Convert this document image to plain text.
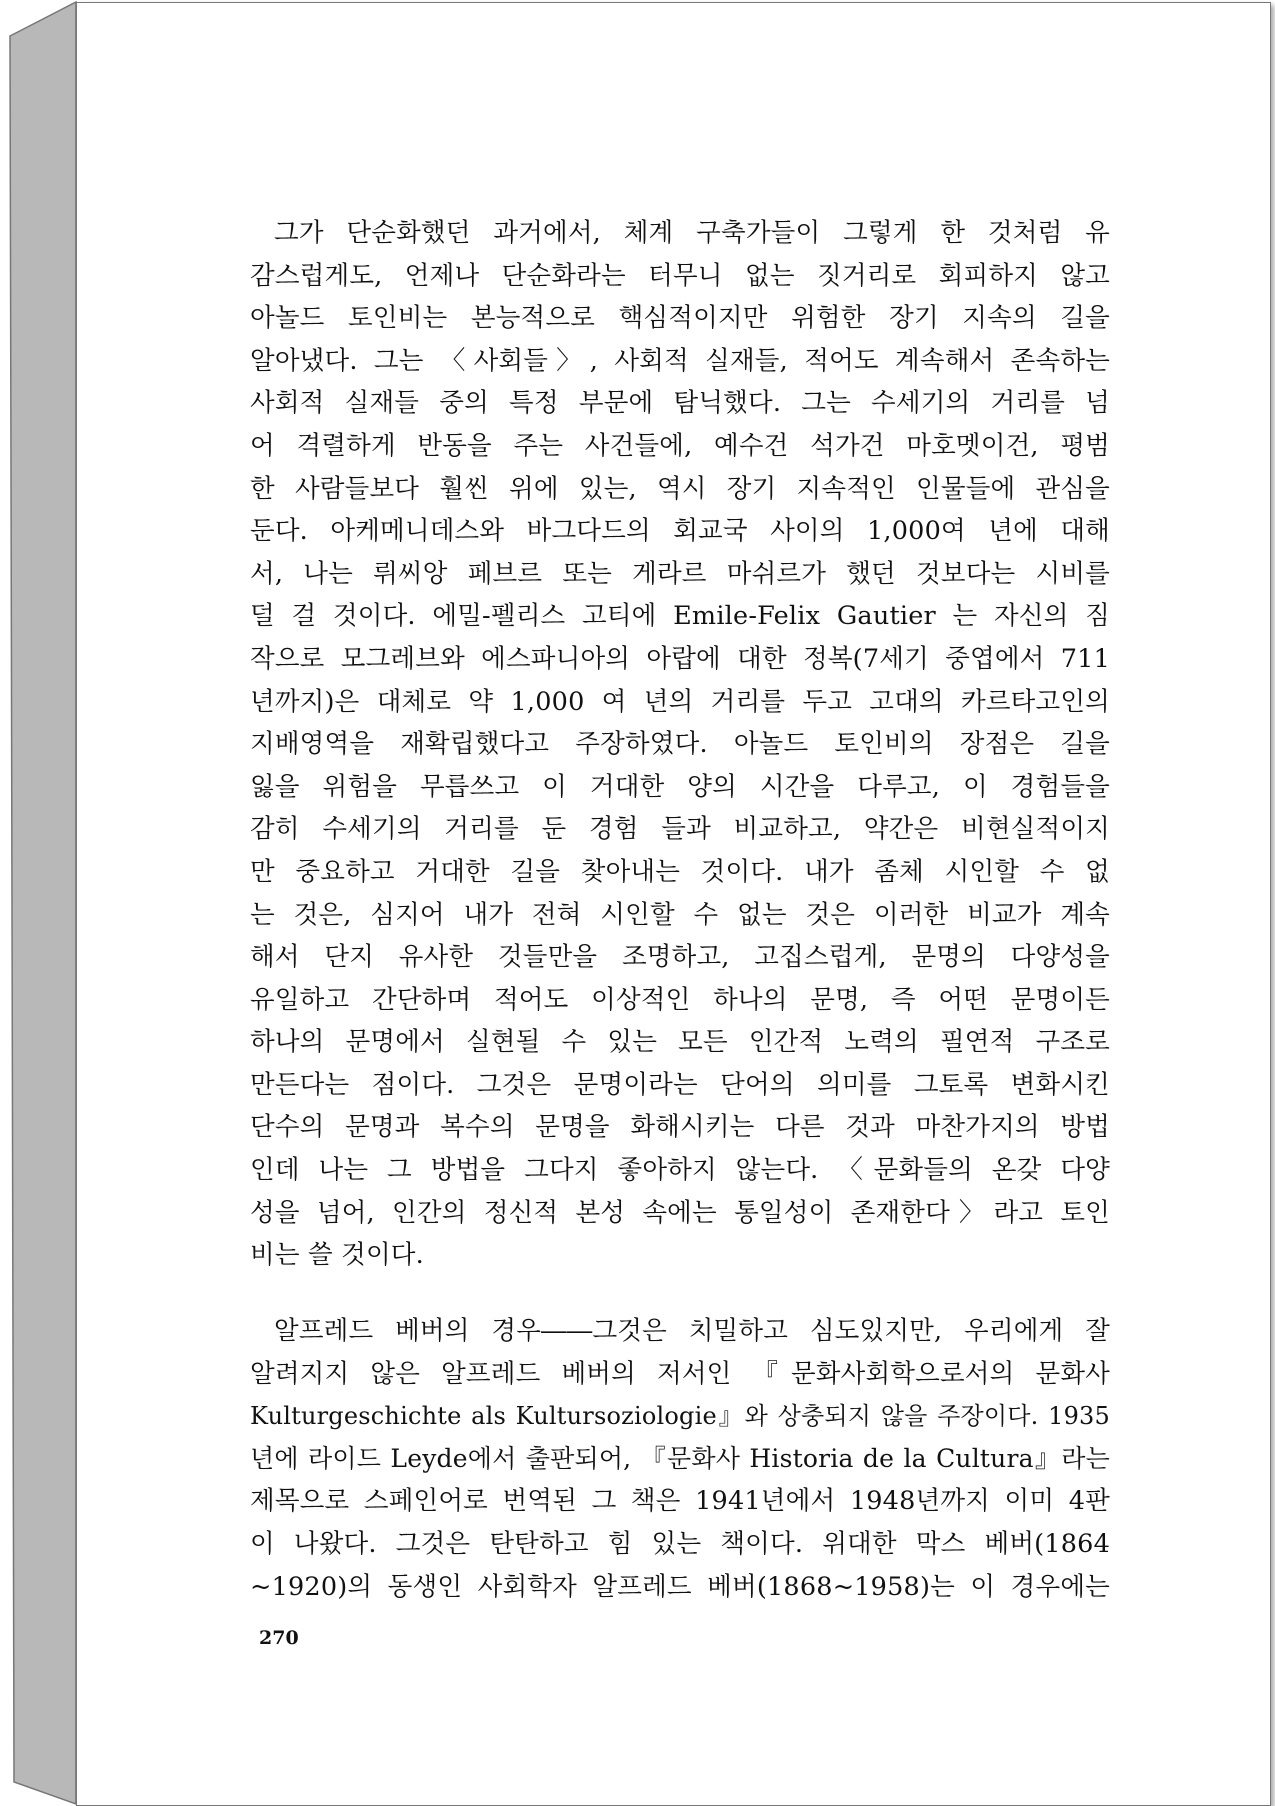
그가 단순화했던 과거에서, 체계 구축가들이 그렇게 한 것처럼 유
감스럽게도, 언제나 단순화라는 터무니 없는 짓거리로 회피하지 않고
아놀드 토인비는 본능적으로 핵심적이지만 위험한 장기 지속의 길을
알아냈다. 그는 〈사회들〉, 사회적 실재들, 적어도 계속해서 존속하는
사회적 실재들 중의 특정 부문에 탐닉했다. 그는 수세기의 거리를 넘
어 격렬하게 반동을 주는 사건들에, 예수건 석가건 마호멧이건, 평범
한 사람들보다 훨씬 위에 있는, 역시 장기 지속적인 인물들에 관심을
둔다. 아케메니데스와 바그다드의 회교국 사이의 1,000여 년에 대해
서, 나는 뤼씨앙 페브르 또는 게라르 마쉬르가 했던 것보다는 시비를
덜 걸 것이다. 에밀-펠리스 고티에 Emile-Felix Gautier 는 자신의 짐
작으로 모그레브와 에스파니아의 아랍에 대한 정복(7세기 중엽에서 711
년까지)은 대체로 약 1,000 여 년의 거리를 두고 고대의 카르타고인의
지배영역을 재확립했다고 주장하였다. 아놀드 토인비의 장점은 길을
잃을 위험을 무릅쓰고 이 거대한 양의 시간을 다루고, 이 경험들을
감히 수세기의 거리를 둔 경험 들과 비교하고, 약간은 비현실적이지
만 중요하고 거대한 길을 찾아내는 것이다. 내가 좀체 시인할 수 없
는 것은, 심지어 내가 전혀 시인할 수 없는 것은 이러한 비교가 계속
해서 단지 유사한 것들만을 조명하고, 고집스럽게, 문명의 다양성을
유일하고 간단하며 적어도 이상적인 하나의 문명, 즉 어떤 문명이든
하나의 문명에서 실현될 수 있는 모든 인간적 노력의 필연적 구조로
만든다는 점이다. 그것은 문명이라는 단어의 의미를 그토록 변화시킨
단수의 문명과 복수의 문명을 화해시키는 다른 것과 마찬가지의 방법
인데 나는 그 방법을 그다지 좋아하지 않는다. 〈문화들의 온갖 다양
성을 넘어, 인간의 정신적 본성 속에는 통일성이 존재한다〉라고 토인
비는 쓸 것이다.
알프레드 베버의 경우――그것은 치밀하고 심도있지만, 우리에게 잘
알려지지 않은 알프레드 베버의 저서인 『문화사회학으로서의 문화사
Kulturgeschichte als Kultursoziologie』와 상충되지 않을 주장이다. 1935
년에 라이드 Leyde에서 출판되어, 『문화사 Historia de la Cultura』라는
제목으로 스페인어로 번역된 그 책은 1941년에서 1948년까지 이미 4판
이 나왔다. 그것은 탄탄하고 힘 있는 책이다. 위대한 막스 베버(1864
~1920)의 동생인 사회학자 알프레드 베버(1868~1958)는 이 경우에는
270
